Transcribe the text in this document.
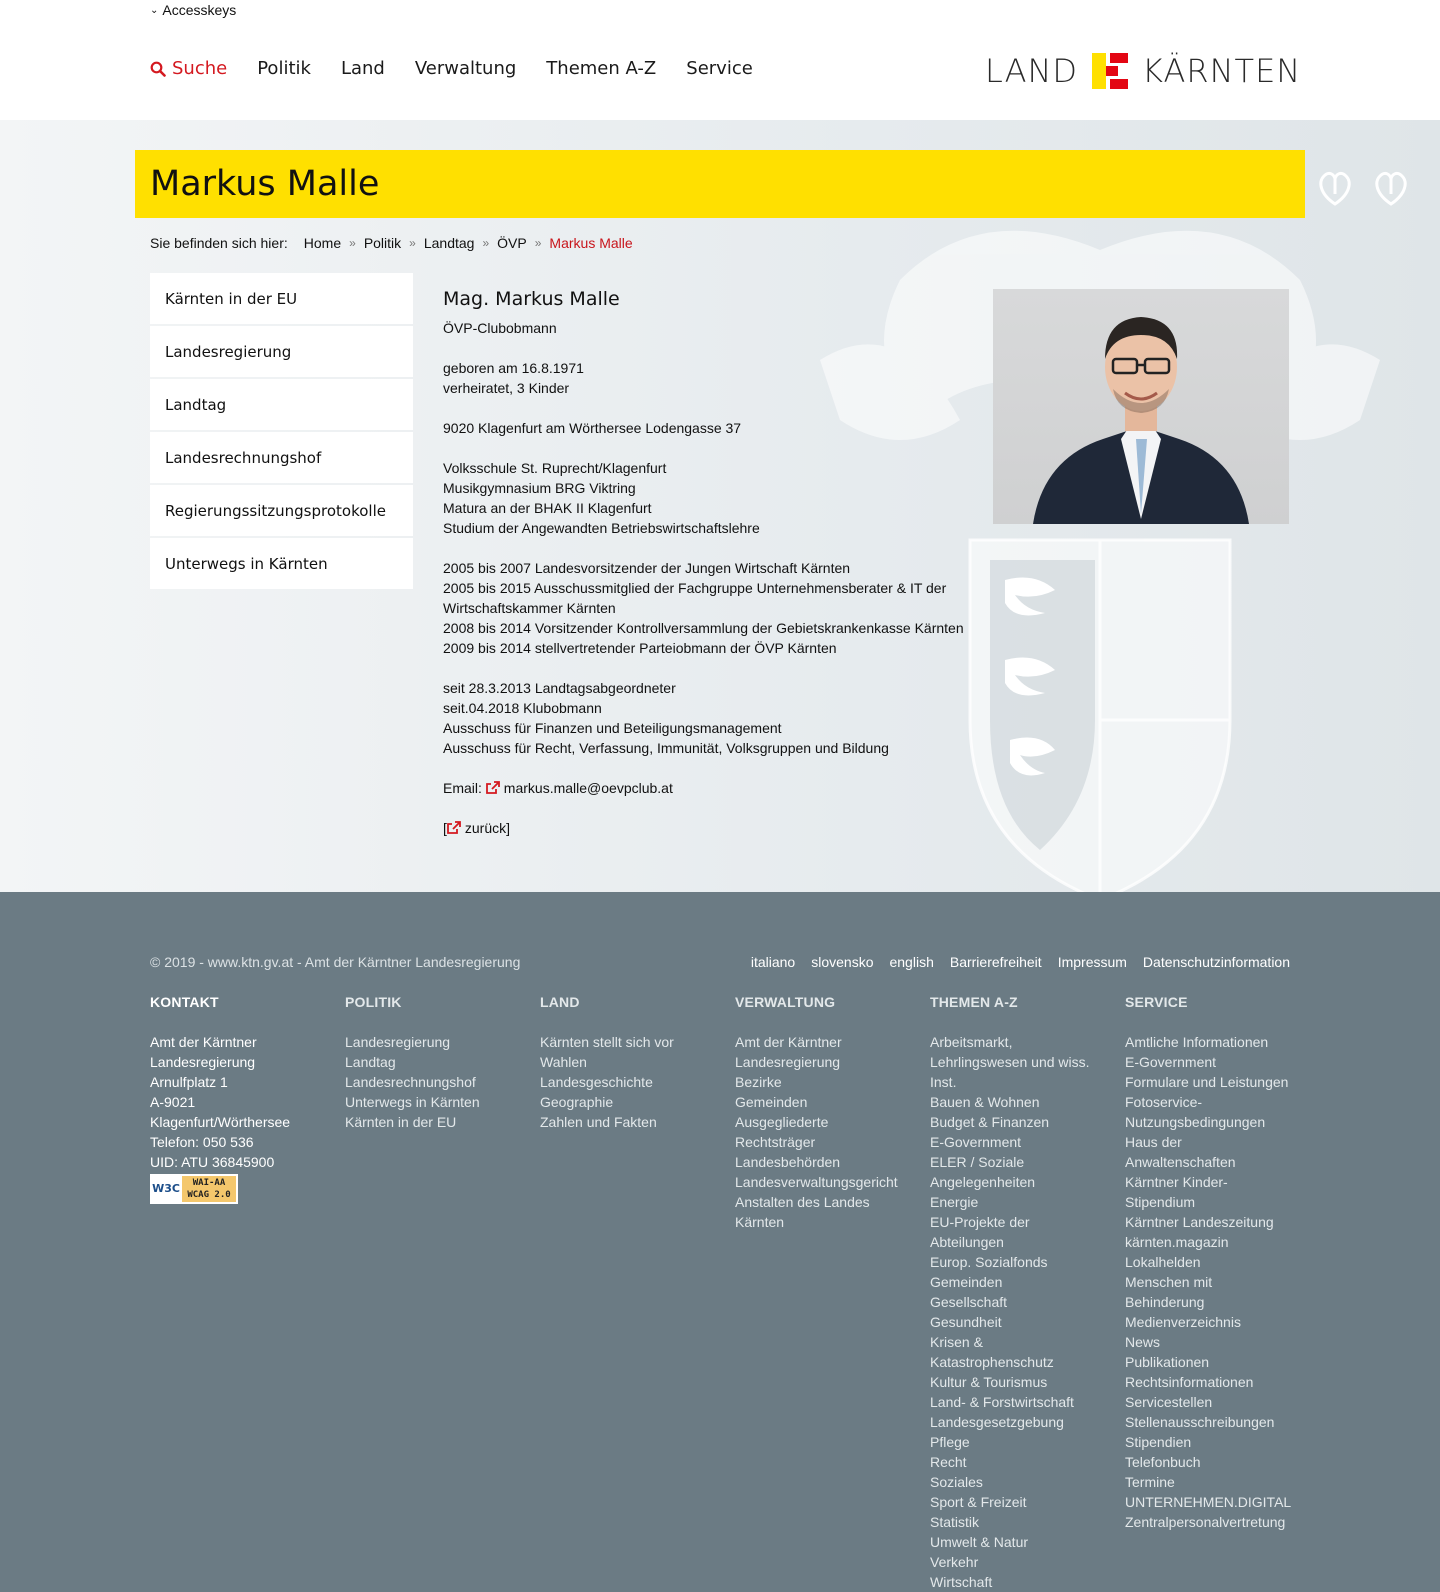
⌄ Accesskeys
Suche Politik Land Verwaltung Themen A-Z Service	LAND KÄRNTEN
Markus Malle
Sie befinden sich hier: Home » Politik » Landtag » ÖVP » Markus Malle
Kärnten in der EU
Landesregierung
Landtag
Landesrechnungshof
Regierungssitzungsprotokolle
Unterwegs in Kärnten
Mag. Markus Malle

ÖVP-Clubobmann

geboren am 16.8.1971
verheiratet, 3 Kinder

9020 Klagenfurt am Wörthersee Lodengasse 37

Volksschule St. Ruprecht/Klagenfurt
Musikgymnasium BRG Viktring
Matura an der BHAK II Klagenfurt
Studium der Angewandten Betriebswirtschaftslehre

2005 bis 2007 Landesvorsitzender der Jungen Wirtschaft Kärnten
2005 bis 2015 Ausschussmitglied der Fachgruppe Unternehmensberater & IT der Wirtschaftskammer Kärnten
2008 bis 2014 Vorsitzender Kontrollversammlung der Gebietskrankenkasse Kärnten
2009 bis 2014 stellvertretender Parteiobmann der ÖVP Kärnten

seit 28.3.2013 Landtagsabgeordneter
seit.04.2018 Klubobmann
Ausschuss für Finanzen und Beteiligungsmanagement
Ausschuss für Recht, Verfassung, Immunität, Volksgruppen und Bildung

Email: markus.malle@oevpclub.at

[ zurück]

© 2019 - www.ktn.gv.at - Amt der Kärntner Landesregierung	italiano slovensko english Barrierefreiheit Impressum Datenschutzinformation
KONTAKT
Amt der Kärntner
Landesregierung
Arnulfplatz 1
A-9021
Klagenfurt/Wörthersee
Telefon: 050 536
UID: ATU 36845900
W3C	WAI-AA
WCAG 2.0
POLITIK
Landesregierung
Landtag
Landesrechnungshof
Unterwegs in Kärnten
Kärnten in der EU
LAND
Kärnten stellt sich vor
Wahlen
Landesgeschichte
Geographie
Zahlen und Fakten
VERWALTUNG
Amt der Kärntner
Landesregierung
Bezirke
Gemeinden
Ausgegliederte
Rechtsträger
Landesbehörden
Landesverwaltungsgericht
Anstalten des Landes
Kärnten
THEMEN A-Z
Arbeitsmarkt,
Lehrlingswesen und wiss.
Inst.
Bauen & Wohnen
Budget & Finanzen
E-Government
ELER / Soziale
Angelegenheiten
Energie
EU-Projekte der
Abteilungen
Europ. Sozialfonds
Gemeinden
Gesellschaft
Gesundheit
Krisen &
Katastrophenschutz
Kultur & Tourismus
Land- & Forstwirtschaft
Landesgesetzgebung
Pflege
Recht
Soziales
Sport & Freizeit
Statistik
Umwelt & Natur
Verkehr
Wirtschaft
SERVICE
Amtliche Informationen
E-Government
Formulare und Leistungen
Fotoservice-
Nutzungsbedingungen
Haus der
Anwaltenschaften
Kärntner Kinder-
Stipendium
Kärntner Landeszeitung
kärnten.magazin
Lokalhelden
Menschen mit
Behinderung
Medienverzeichnis
News
Publikationen
Rechtsinformationen
Servicestellen
Stellenausschreibungen
Stipendien
Telefonbuch
Termine
UNTERNEHMEN.DIGITAL
Zentralpersonalvertretung
